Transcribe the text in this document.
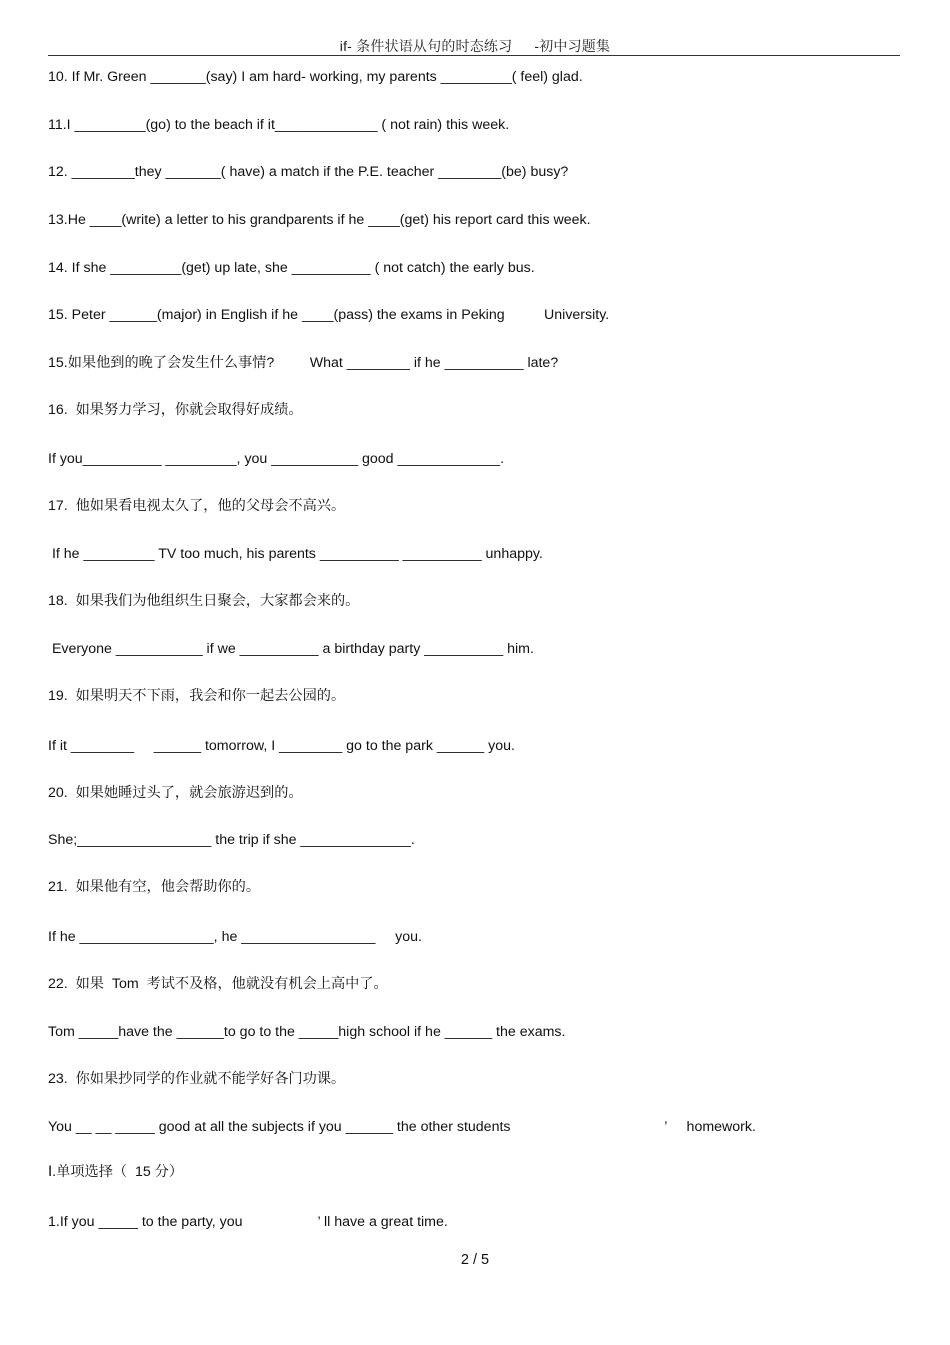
if- 条件状语从句的时态练习 -初中习题集
10. If Mr. Green _______(say) I am hard- working, my parents _________( feel) glad.
11.I _________(go) to the beach if it_____________ ( not rain) this week.
12. ________they _______( have) a match if the P.E. teacher ________(be) busy?
13.He ____(write) a letter to his grandparents if he ____(get) his report card this week.
14. If she _________(get) up late, she __________ ( not catch) the early bus.
15. Peter ______(major) in English if he ____(pass) the exams in Peking          University.
15.如果他到的晚了会发生什么事情?         What ________ if he __________ late?
16.  如果努力学习，你就会取得好成绩。
If you__________ _________, you ___________ good _____________.
17.  他如果看电视太久了，他的父母会不高兴。
If he _________ TV too much, his parents __________ __________ unhappy.
18.  如果我们为他组织生日聚会，大家都会来的。
Everyone ___________ if we __________ a birthday party __________ him.
19.  如果明天不下雨，我会和你一起去公园的。
If it ________     ______ tomorrow, I ________ go to the park ______ you.
20.  如果她睡过头了，就会旅游迟到的。
She;_________________ the trip if she ______________.
21.  如果他有空，他会帮助你的。
If he _________________, he _________________     you.
22.  如果  Tom  考试不及格，他就没有机会上高中了。
Tom _____have the ______to go to the _____high school if he ______ the exams.
23.  你如果抄同学的作业就不能学好各门功课。
You __ __ _____ good at all the subjects if you ______ the other students                                       ’     homework.
Ⅰ.单项选择（  15 分）
1.If you _____ to the party, you                   ’ ll have a great time.
2 / 5
